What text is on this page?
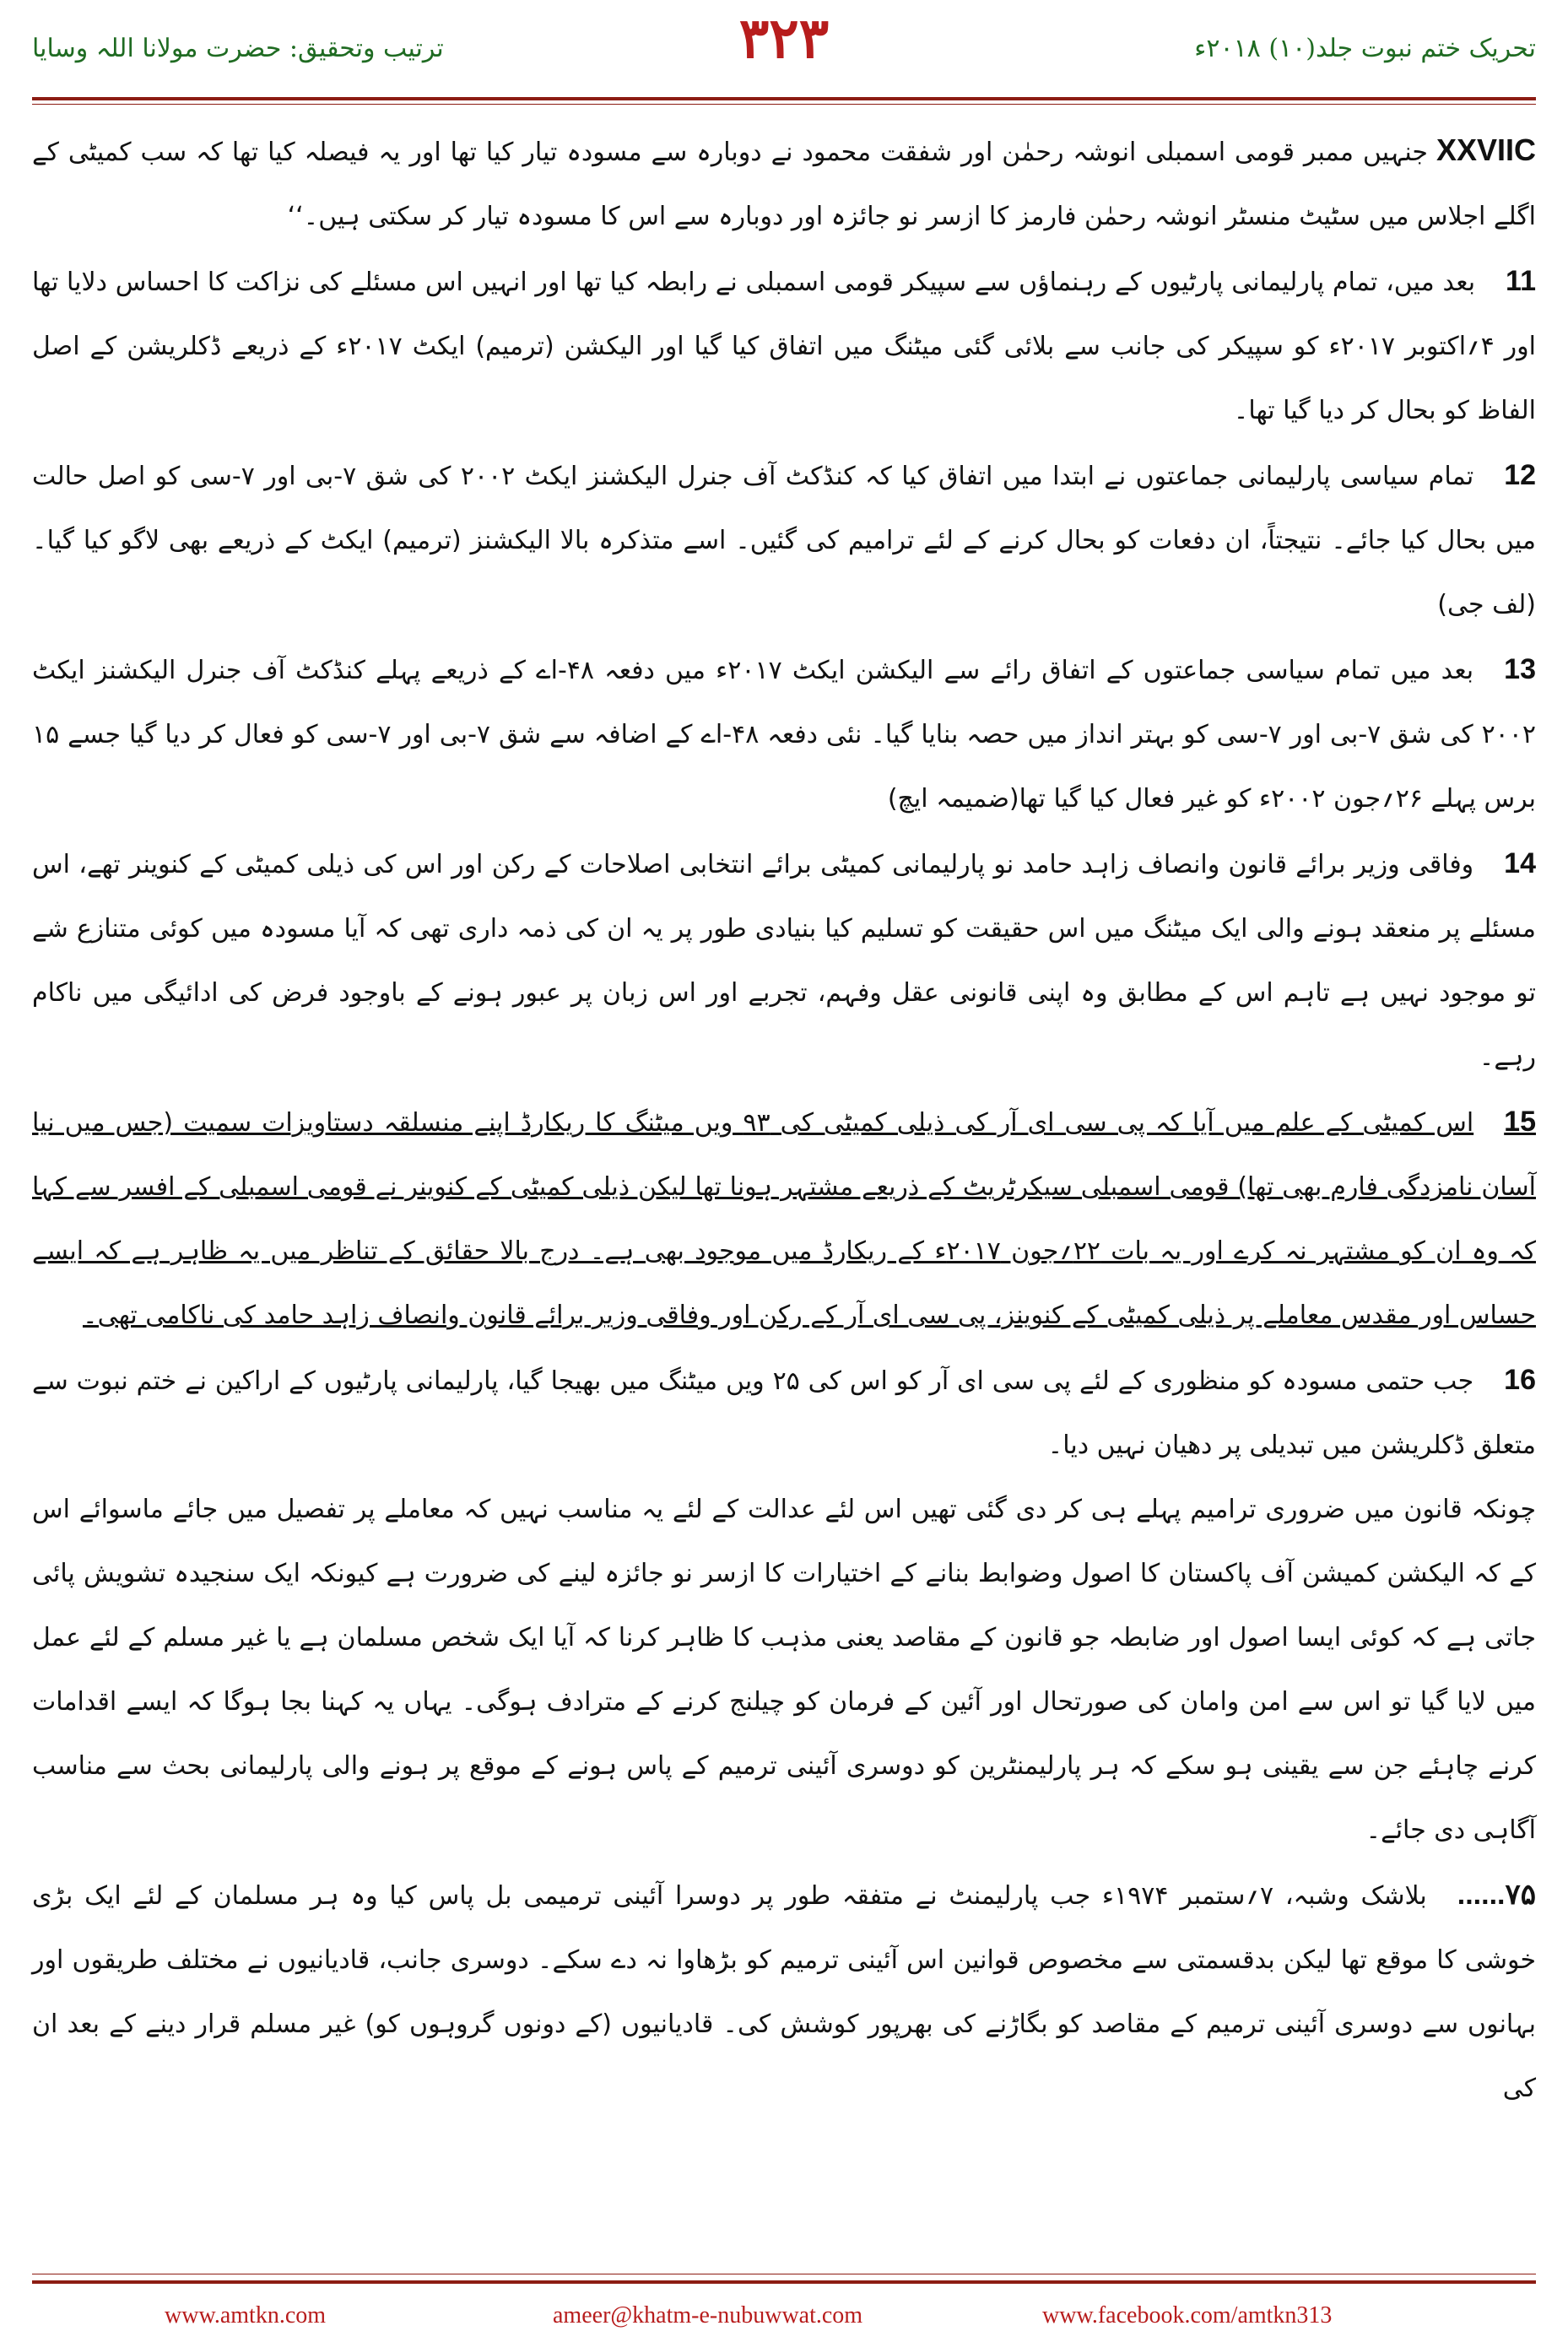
تحریک ختم نبوت جلد(۱۰) ۲۰۱۸ء
۳۲۳
ترتیب وتحقیق: حضرت مولانا اللہ وسایا

XXVIICجنہیں ممبر قومی اسمبلی انوشہ رحمٰن اور شفقت محمود نے دوبارہ سے مسودہ تیار کیا تھا اور یہ فیصلہ کیا تھا کہ سب کمیٹی کے اگلے اجلاس میں سٹیٹ منسٹر انوشہ رحمٰن فارمز کا ازسر نو جائزہ اور دوبارہ سے اس کا مسودہ تیار کر سکتی ہیں۔‘‘

11بعد میں، تمام پارلیمانی پارٹیوں کے رہنماؤں سے سپیکر قومی اسمبلی نے رابطہ کیا تھا اور انہیں اس مسئلے کی نزاکت کا احساس دلایا تھا اور ۴؍اکتوبر ۲۰۱۷ء کو سپیکر کی جانب سے بلائی گئی میٹنگ میں اتفاق کیا گیا اور الیکشن (ترمیم) ایکٹ ۲۰۱۷ء کے ذریعے ڈکلریشن کے اصل الفاظ کو بحال کر دیا گیا تھا۔

12تمام سیاسی پارلیمانی جماعتوں نے ابتدا میں اتفاق کیا کہ کنڈکٹ آف جنرل الیکشنز ایکٹ ۲۰۰۲ کی شق ۷-بی اور ۷-سی کو اصل حالت میں بحال کیا جائے۔ نتیجتاً، ان دفعات کو بحال کرنے کے لئے ترامیم کی گئیں۔ اسے متذکرہ بالا الیکشنز (ترمیم) ایکٹ کے ذریعے بھی لاگو کیا گیا۔(لف جی)

13بعد میں تمام سیاسی جماعتوں کے اتفاق رائے سے الیکشن ایکٹ ۲۰۱۷ء میں دفعہ ۴۸-اے کے ذریعے پہلے کنڈکٹ آف جنرل الیکشنز ایکٹ ۲۰۰۲ کی شق ۷-بی اور ۷-سی کو بہتر انداز میں حصہ بنایا گیا۔ نئی دفعہ ۴۸-اے کے اضافہ سے شق ۷-بی اور ۷-سی کو فعال کر دیا گیا جسے ۱۵ برس پہلے ۲۶؍جون ۲۰۰۲ء کو غیر فعال کیا گیا تھا(ضمیمہ ایچ)

14وفاقی وزیر برائے قانون وانصاف زاہد حامد نو پارلیمانی کمیٹی برائے انتخابی اصلاحات کے رکن اور اس کی ذیلی کمیٹی کے کنوینر تھے، اس مسئلے پر منعقد ہونے والی ایک میٹنگ میں اس حقیقت کو تسلیم کیا بنیادی طور پر یہ ان کی ذمہ داری تھی کہ آیا مسودہ میں کوئی متنازع شے تو موجود نہیں ہے تاہم اس کے مطابق وہ اپنی قانونی عقل وفہم، تجربے اور اس زبان پر عبور ہونے کے باوجود فرض کی ادائیگی میں ناکام رہے۔

15اس کمیٹی کے علم میں آیا کہ پی سی ای آر کی ذیلی کمیٹی کی ۹۳ ویں میٹنگ کا ریکارڈ اپنے منسلقہ دستاویزات سمیت (جس میں نیا آسان نامزدگی فارم بھی تھا) قومی اسمبلی سیکرٹریٹ کے ذریعے مشتہر ہونا تھا لیکن ذیلی کمیٹی کے کنوینر نے قومی اسمبلی کے افسر سے کہا کہ وہ ان کو مشتہر نہ کرے اور یہ بات ۲۲؍جون ۲۰۱۷ء کے ریکارڈ میں موجود بھی ہے۔ درج بالا حقائق کے تناظر میں یہ ظاہر ہے کہ ایسے حساس اور مقدس معاملے پر ذیلی کمیٹی کے کنوینز، پی سی ای آر کے رکن اور وفاقی وزیر برائے قانون وانصاف زاہد حامد کی ناکامی تھی۔

16جب حتمی مسودہ کو منظوری کے لئے پی سی ای آر کو اس کی ۲۵ ویں میٹنگ میں بھیجا گیا، پارلیمانی پارٹیوں کے اراکین نے ختم نبوت سے متعلق ڈکلریشن میں تبدیلی پر دھیان نہیں دیا۔

چونکہ قانون میں ضروری ترامیم پہلے ہی کر دی گئی تھیں اس لئے عدالت کے لئے یہ مناسب نہیں کہ معاملے پر تفصیل میں جائے ماسوائے اس کے کہ الیکشن کمیشن آف پاکستان کا اصول وضوابط بنانے کے اختیارات کا ازسر نو جائزہ لینے کی ضرورت ہے کیونکہ ایک سنجیدہ تشویش پائی جاتی ہے کہ کوئی ایسا اصول اور ضابطہ جو قانون کے مقاصد یعنی مذہب کا ظاہر کرنا کہ آیا ایک شخص مسلمان ہے یا غیر مسلم کے لئے عمل میں لایا گیا تو اس سے امن وامان کی صورتحال اور آئین کے فرمان کو چیلنج کرنے کے مترادف ہوگی۔ یہاں یہ کہنا بجا ہوگا کہ ایسے اقدامات کرنے چاہئے جن سے یقینی ہو سکے کہ ہر پارلیمنٹرین کو دوسری آئینی ترمیم کے پاس ہونے کے موقع پر ہونے والی پارلیمانی بحث سے مناسب آگاہی دی جائے۔

۷۵......بلاشک وشبہ، ۷؍ستمبر ۱۹۷۴ء جب پارلیمنٹ نے متفقہ طور پر دوسرا آئینی ترمیمی بل پاس کیا وہ ہر مسلمان کے لئے ایک بڑی خوشی کا موقع تھا لیکن بدقسمتی سے مخصوص قوانین اس آئینی ترمیم کو بڑھاوا نہ دے سکے۔ دوسری جانب، قادیانیوں نے مختلف طریقوں اور بہانوں سے دوسری آئینی ترمیم کے مقاصد کو بگاڑنے کی بھرپور کوشش کی۔ قادیانیوں (کے دونوں گروہوں کو) غیر مسلم قرار دینے کے بعد ان کی

www.amtkn.com	ameer@khatm-e-nubuwwat.com	www.facebook.com/amtkn313
